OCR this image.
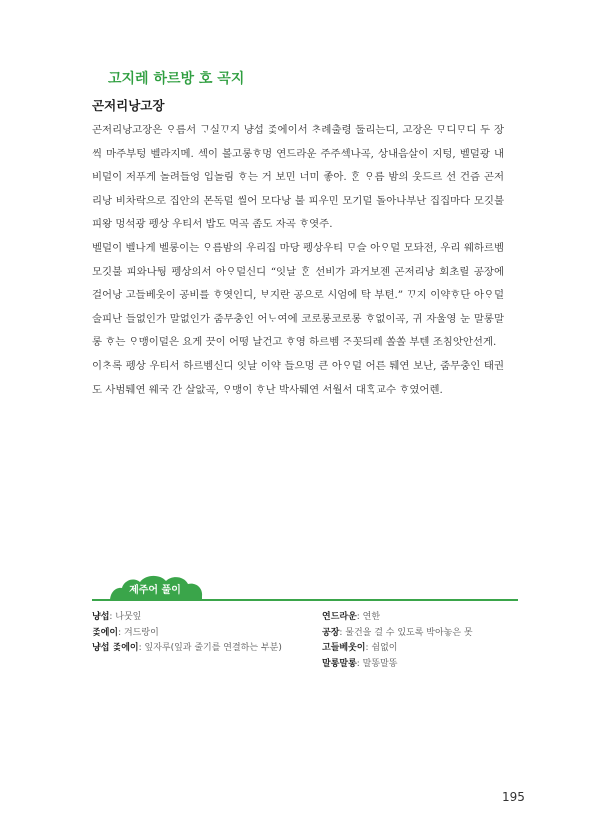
고지레 하르방 호 곡지
곤저리낭고장

곤저리낭고장은 ᄋᆞ름서 ᄀᆞ실ᄁᆞ지 냥섭 ᄌᆞᆽ에이서 ᄎᆞ례출령 둘리는디, 고장은 ᄆᆞ디ᄆᆞ디 두 장씩 마주부텅 벨라지메. 섹이 볼고롱ᄒᆞ멍 연드라운 주주섹나곡, 상내음살이 지텅, 벨덜광 내비덜이 저푸게 놀려들엉 입놀림 ᄒᆞ는 거 보민 너미 좋아. ᄒᆞᆫ ᄋᆞ름 밤의 웃드르 선 건즘 곤저리낭 비차락으로 집안의 몬독덜 씰어 모다낭 불 피우민 모기덜 돌아나부난 집집마다 모깃불 피왕 멍석광 펭상 우티서 밥도 먹곡 좀도 자곡 ᄒᆞ엿주.

벨덜이 벨나게 벨롱이는 ᄋᆞ름밤의 우리집 마당 펭상우티 ᄆᆞ슬 아ᄋᆞ덜 모돠전, 우리 웨하르벰 모깃불 피와나뒁 펭상의서 아ᄋᆞ덜신디 “잇날 ᄒᆞᆫ 선비가 과거보젠 곤저리낭 회초릴 공장에 걸어낭 고들베웃이 공비를 ᄒᆞ엿인디, ᄇᆞ지란 공으로 시엄에 탁 부텬.” ᄁᆞ지 이약ᄒᆞ단 아ᄋᆞ덜 술피난 들없인가 말없인가 줌무충인 어ᄂᆞ여에 코로롱코로롱 ᄒᆞ없이곡, 귀 자울영 눈 말롱말롱 ᄒᆞ는 ᄋᆞ맹이덜은 요게 끗이 어떵 날건고 ᄒᆞ영 하르벰 ᄌᆞ꼿듸레 쏠쏠 부텐 조침앗안선게.

이ᄎᆞ록 펭상 우티서 하르벰신디 잇날 이약 들으멍 큰 아ᄋᆞ덜 어른 퉤연 보난, 줌무충인 태권도 사범퉤연 웨국 간 살앖곡, ᄋᆞ맹이 ᄒᆞ난 박사퉤연 서월서 대ᄒᆞᆨ교수 ᄒᆞ였어렌.

제주어 풀이
냥섭: 나뭇잎
ᄌᆞᆽ에이: 겨드랑이
냥섭 ᄌᆞᆽ에이: 잎자루(잎과 줄기를 연결하는 부분)
연드라운: 연한
공장: 물건을 걸 수 있도록 박아놓은 못
고들베웃이: 쉼없이
말롱말롱: 말똥말똥
195
